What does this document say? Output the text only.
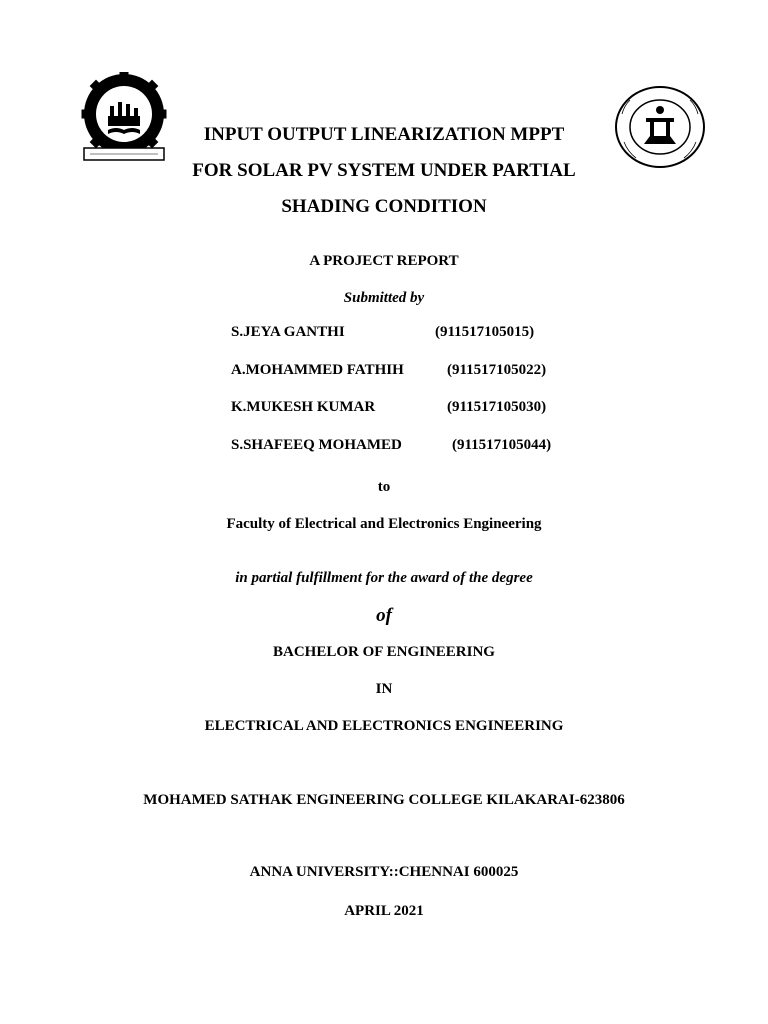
INPUT OUTPUT LINEARIZATION MPPT
FOR SOLAR PV SYSTEM UNDER PARTIAL
SHADING CONDITION
A PROJECT REPORT
Submitted by
S.JEYA GANTHI	(911517105015)
A.MOHAMMED FATHIH	(911517105022)
K.MUKESH KUMAR	(911517105030)
S.SHAFEEQ MOHAMED	(911517105044)
to
Faculty of Electrical and Electronics Engineering
in partial fulfillment for the award of the degree
of
BACHELOR OF ENGINEERING
IN
ELECTRICAL AND ELECTRONICS ENGINEERING
MOHAMED SATHAK ENGINEERING COLLEGE KILAKARAI-623806
ANNA UNIVERSITY::CHENNAI 600025
APRIL 2021
